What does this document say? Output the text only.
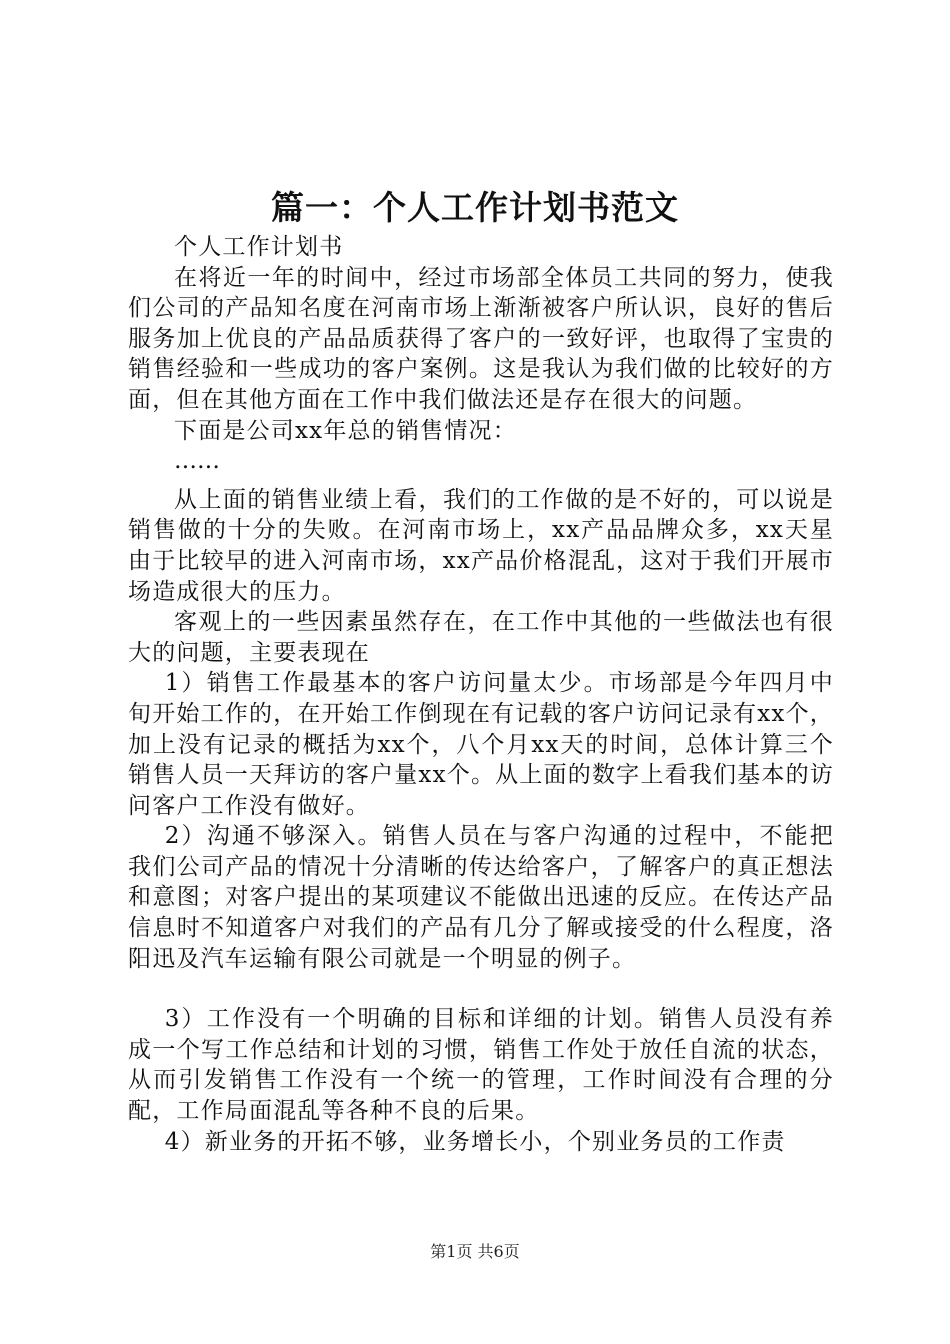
篇一：个人工作计划书范文

个人工作计划书

在将近一年的时间中，经过市场部全体员工共同的努力，使我们公司的产品知名度在河南市场上渐渐被客户所认识，良好的售后服务加上优良的产品品质获得了客户的一致好评，也取得了宝贵的销售经验和一些成功的客户案例。这是我认为我们做的比较好的方面，但在其他方面在工作中我们做法还是存在很大的问题。

下面是公司xx年总的销售情况：

……

从上面的销售业绩上看，我们的工作做的是不好的，可以说是销售做的十分的失败。在河南市场上，xx产品品牌众多，xx天星由于比较早的进入河南市场，xx产品价格混乱，这对于我们开展市场造成很大的压力。

客观上的一些因素虽然存在，在工作中其他的一些做法也有很大的问题，主要表现在

1）销售工作最基本的客户访问量太少。市场部是今年四月中旬开始工作的，在开始工作倒现在有记载的客户访问记录有xx个，加上没有记录的概括为xx个，八个月xx天的时间，总体计算三个销售人员一天拜访的客户量xx个。从上面的数字上看我们基本的访问客户工作没有做好。

2）沟通不够深入。销售人员在与客户沟通的过程中，不能把我们公司产品的情况十分清晰的传达给客户，了解客户的真正想法和意图；对客户提出的某项建议不能做出迅速的反应。在传达产品信息时不知道客户对我们的产品有几分了解或接受的什么程度，洛阳迅及汽车运输有限公司就是一个明显的例子。

3）工作没有一个明确的目标和详细的计划。销售人员没有养成一个写工作总结和计划的习惯，销售工作处于放任自流的状态，从而引发销售工作没有一个统一的管理，工作时间没有合理的分配，工作局面混乱等各种不良的后果。

4）新业务的开拓不够，业务增长小，个别业务员的工作责

第1页 共6页
